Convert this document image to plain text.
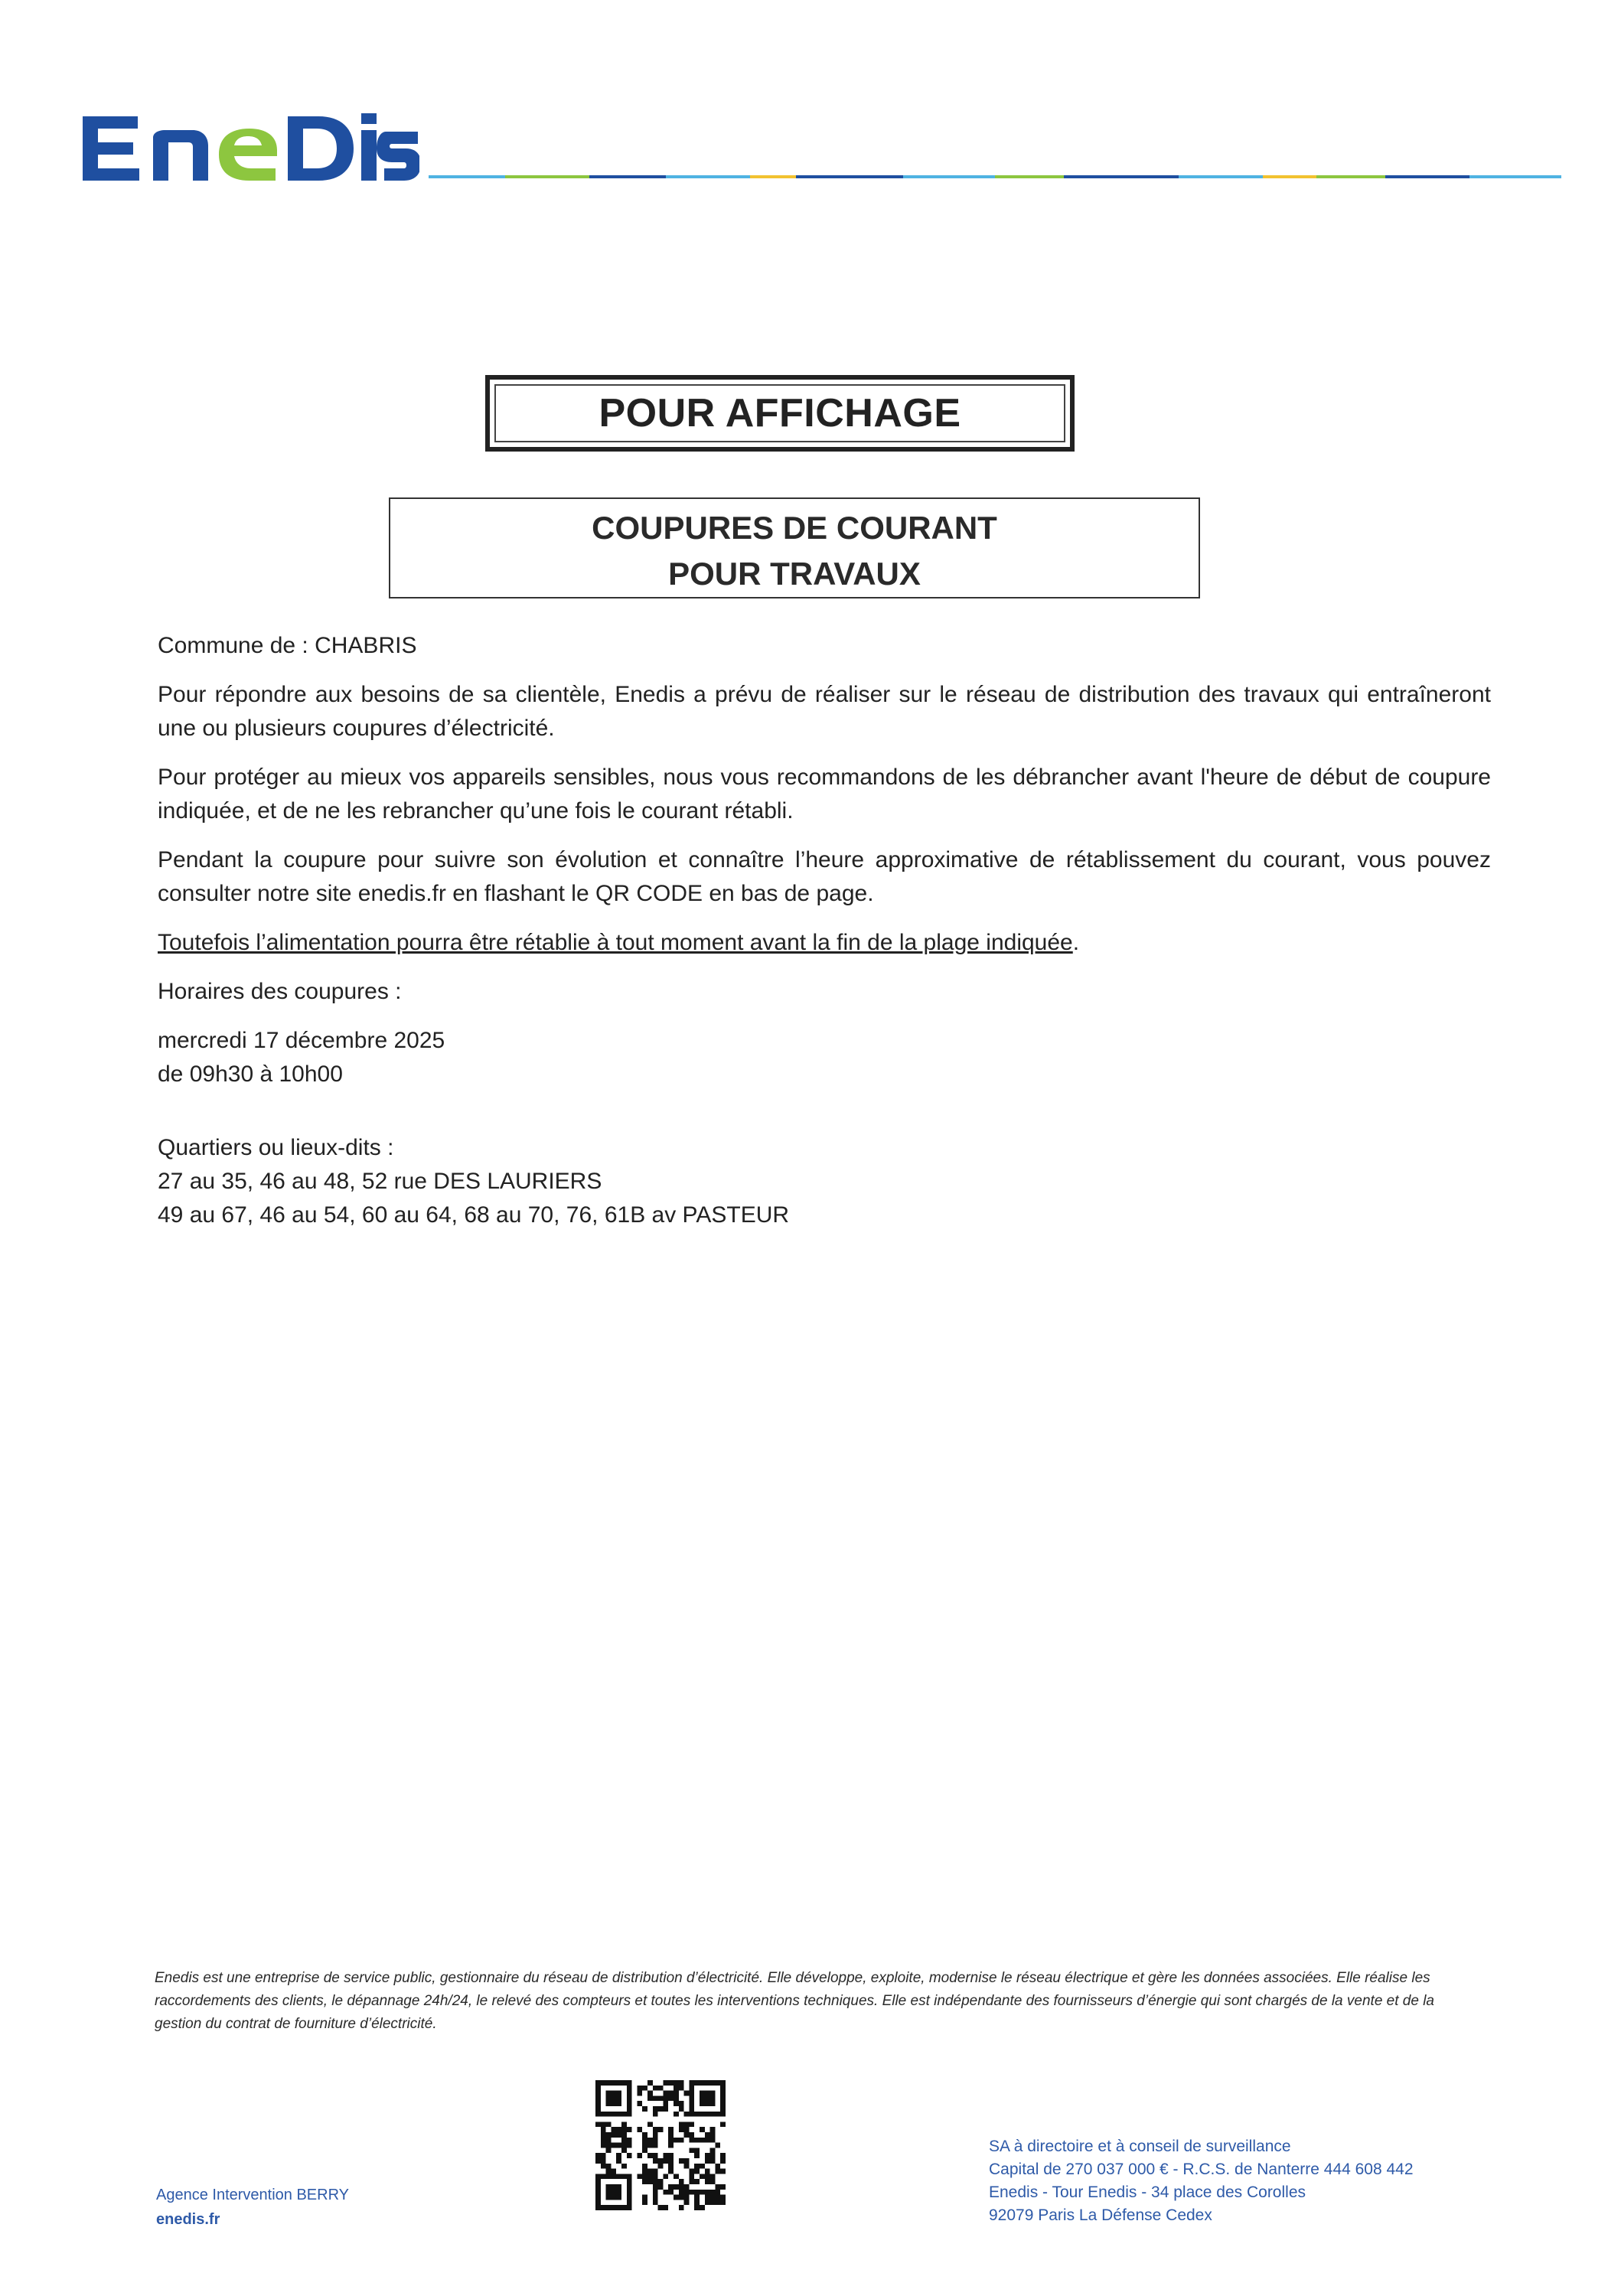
POUR AFFICHAGE
COUPURES DE COURANT
POUR TRAVAUX

Commune de : CHABRIS

Pour répondre aux besoins de sa clientèle, Enedis a prévu de réaliser sur le réseau de distribution des travaux qui entraîneront une ou plusieurs coupures d’électricité.

Pour protéger au mieux vos appareils sensibles, nous vous recommandons de les débrancher avant l'heure de début de coupure indiquée, et de ne les rebrancher qu’une fois le courant rétabli.

Pendant la coupure pour suivre son évolution et connaître l’heure approximative de rétablissement du courant, vous pouvez consulter notre site enedis.fr en flashant le QR CODE en bas de page.

Toutefois l’alimentation pourra être rétablie à tout moment avant la fin de la plage indiquée.

Horaires des coupures :

mercredi 17 décembre 2025

de 09h30 à 10h00

Quartiers ou lieux-dits :

27 au 35, 46 au 48, 52 rue DES LAURIERS

49 au 67, 46 au 54, 60 au 64, 68 au 70, 76, 61B av PASTEUR

Enedis est une entreprise de service public, gestionnaire du réseau de distribution d’électricité. Elle développe, exploite, modernise le réseau électrique et gère les données associées. Elle réalise les raccordements des clients, le dépannage 24h/24, le relevé des compteurs et toutes les interventions techniques. Elle est indépendante des fournisseurs d’énergie qui sont chargés de la vente et de la gestion du contrat de fourniture d’électricité.
Agence Intervention BERRY
enedis.fr
SA à directoire et à conseil de surveillance
Capital de 270 037 000 € - R.C.S. de Nanterre 444 608 442
Enedis - Tour Enedis - 34 place des Corolles
92079 Paris La Défense Cedex
